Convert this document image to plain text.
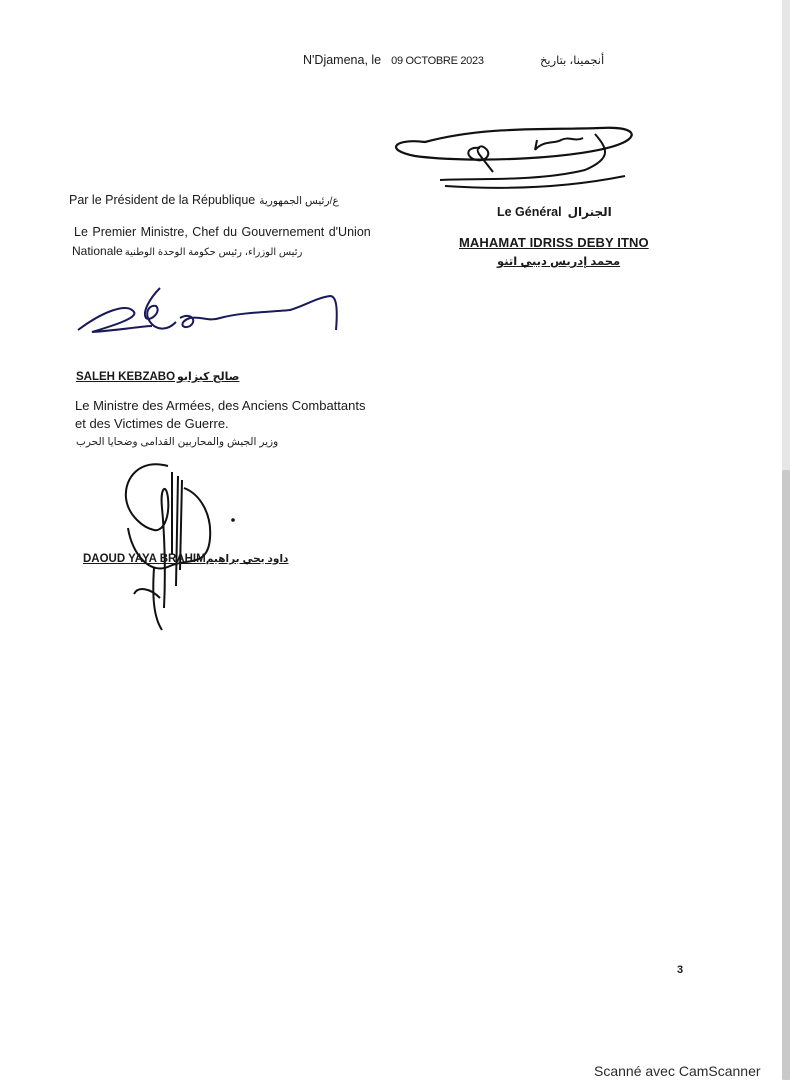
N'Djamena, le 09 OCTOBRE 2023	أنجمينا، بتاريخ
Le Général الجنرال
MAHAMAT IDRISS DEBY ITNO
محمد إدريس ديبي اتنو
Par le Président de la République ع/رئيس الجمهورية
Le Premier Ministre, Chef du Gouvernement d'Union
Nationale رئيس الوزراء، رئيس حكومة الوحدة الوطنية
SALEH KEBZABO صالح كبزابو
Le Ministre des Armées, des Anciens Combattants
et des Victimes de Guerre.
وزير الجيش والمحاربين القدامى وضحايا الحرب
DAOUD YAYA BRAHIMداود يحي براهيم
3
Scanné avec CamScanner
